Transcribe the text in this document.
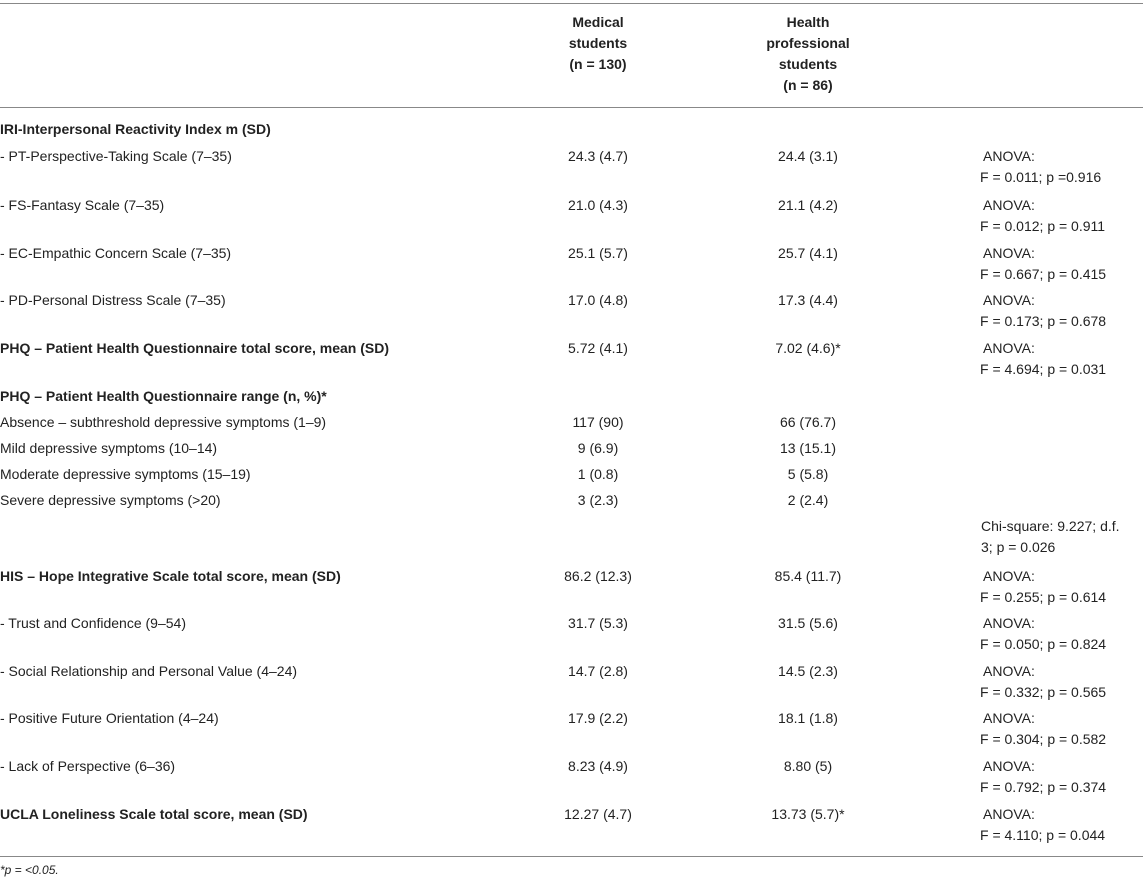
Medical
students
(n = 130)
Health
professional
students
(n = 86)
IRI-Interpersonal Reactivity Index m (SD)
- PT-Perspective-Taking Scale (7–35)
- FS-Fantasy Scale (7–35)
- EC-Empathic Concern Scale (7–35)
- PD-Personal Distress Scale (7–35)
PHQ – Patient Health Questionnaire total score, mean (SD)
PHQ – Patient Health Questionnaire range (n, %)*
Absence – subthreshold depressive symptoms (1–9)
Mild depressive symptoms (10–14)
Moderate depressive symptoms (15–19)
Severe depressive symptoms (>20)
HIS – Hope Integrative Scale total score, mean (SD)
- Trust and Confidence (9–54)
- Social Relationship and Personal Value (4–24)
- Positive Future Orientation (4–24)
- Lack of Perspective (6–36)
UCLA Loneliness Scale total score, mean (SD)
24.3 (4.7)
21.0 (4.3)
25.1 (5.7)
17.0 (4.8)
5.72 (4.1)
117 (90)
9 (6.9)
1 (0.8)
3 (2.3)
86.2 (12.3)
31.7 (5.3)
14.7 (2.8)
17.9 (2.2)
8.23 (4.9)
12.27 (4.7)
24.4 (3.1)
21.1 (4.2)
25.7 (4.1)
17.3 (4.4)
7.02 (4.6)*
66 (76.7)
13 (15.1)
5 (5.8)
2 (2.4)
85.4 (11.7)
31.5 (5.6)
14.5 (2.3)
18.1 (1.8)
8.80 (5)
13.73 (5.7)*
ANOVA:
F = 0.011; p =0.916
ANOVA:
F = 0.012; p = 0.911
ANOVA:
F = 0.667; p = 0.415
ANOVA:
F = 0.173; p = 0.678
ANOVA:
F = 4.694; p = 0.031
Chi-square: 9.227; d.f.
3; p = 0.026
ANOVA:
F = 0.255; p = 0.614
ANOVA:
F = 0.050; p = 0.824
ANOVA:
F = 0.332; p = 0.565
ANOVA:
F = 0.304; p = 0.582
ANOVA:
F = 0.792; p = 0.374
ANOVA:
F = 4.110; p = 0.044
*p = <0.05.
